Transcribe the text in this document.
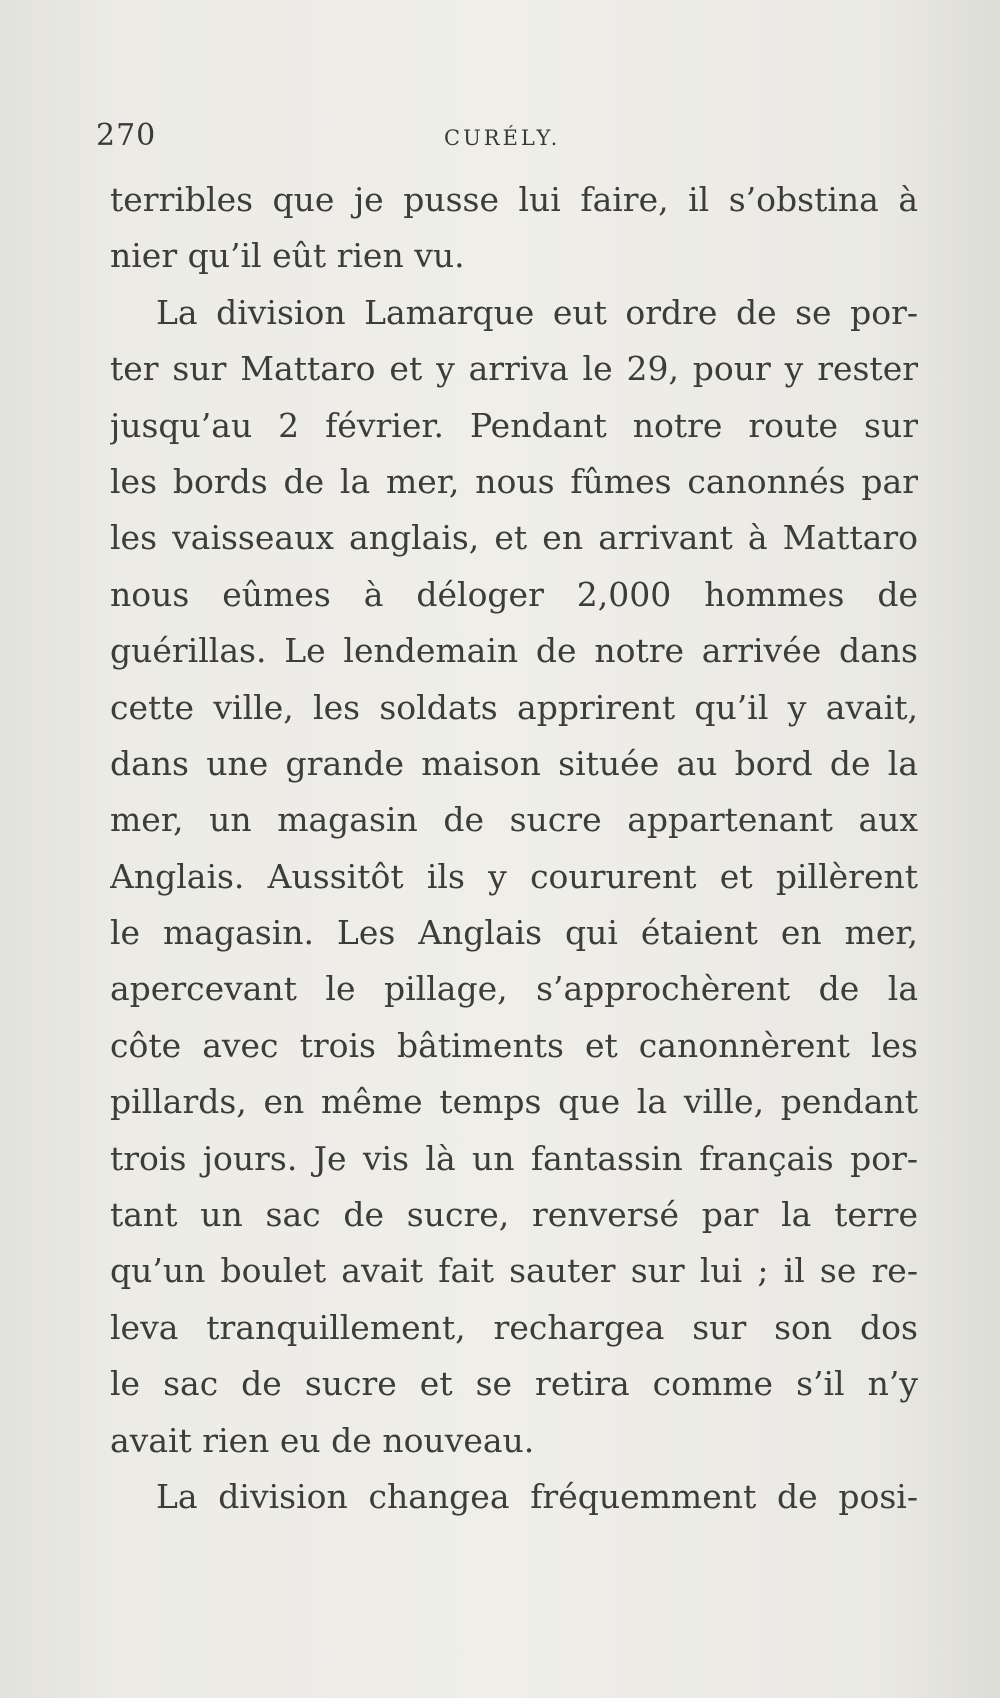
270	CURÉLY.
terribles que je pusse lui faire, il s’obstina à
nier qu’il eût rien vu.
La division Lamarque eut ordre de se por-
ter sur Mattaro et y arriva le 29, pour y rester
jusqu’au 2 février. Pendant notre route sur
les bords de la mer, nous fûmes canonnés par
les vaisseaux anglais, et en arrivant à Mattaro
nous eûmes à déloger 2,000 hommes de
guérillas. Le lendemain de notre arrivée dans
cette ville, les soldats apprirent qu’il y avait,
dans une grande maison située au bord de la
mer, un magasin de sucre appartenant aux
Anglais. Aussitôt ils y coururent et pillèrent
le magasin. Les Anglais qui étaient en mer,
apercevant le pillage, s’approchèrent de la
côte avec trois bâtiments et canonnèrent les
pillards, en même temps que la ville, pendant
trois jours. Je vis là un fantassin français por-
tant un sac de sucre, renversé par la terre
qu’un boulet avait fait sauter sur lui ; il se re-
leva tranquillement, rechargea sur son dos
le sac de sucre et se retira comme s’il n’y
avait rien eu de nouveau.
La division changea fréquemment de posi-
